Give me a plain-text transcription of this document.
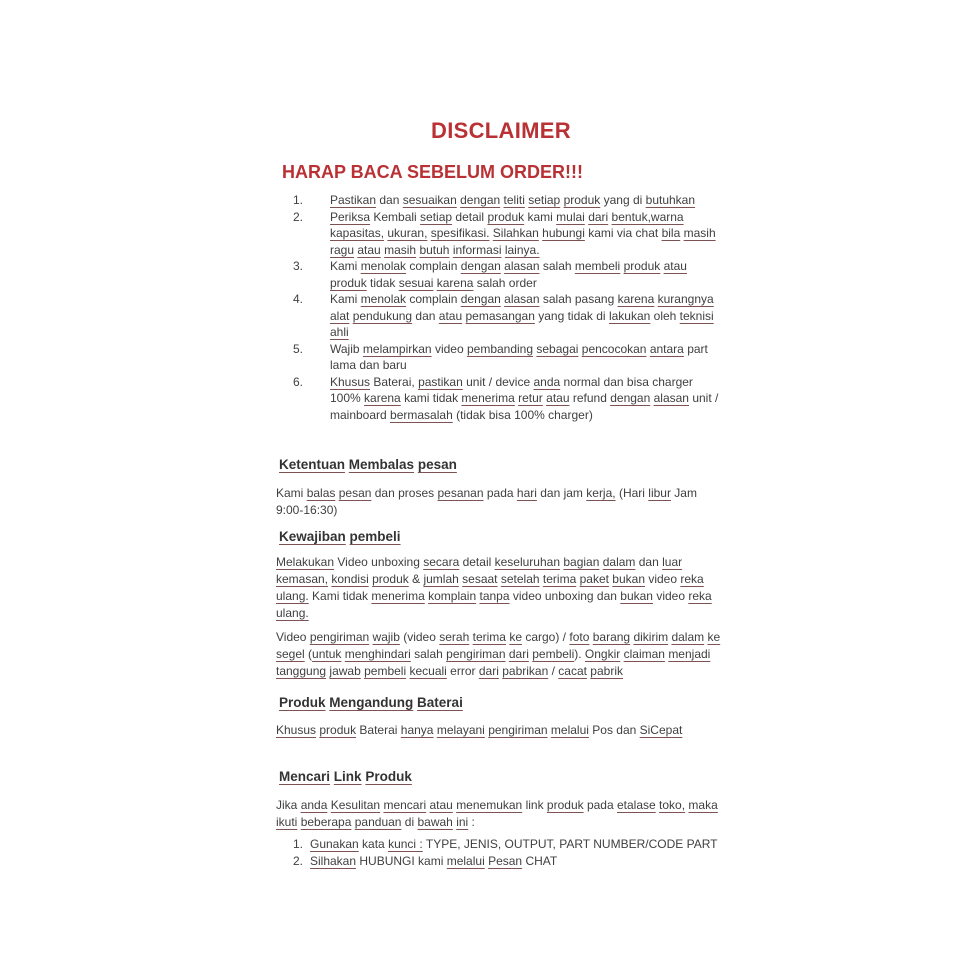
DISCLAIMER
HARAP BACA SEBELUM ORDER!!!
1. Pastikan dan sesuaikan dengan teliti setiap produk yang di butuhkan
2. Periksa Kembali setiap detail produk kami mulai dari bentuk,warna kapasitas, ukuran, spesifikasi. Silahkan hubungi kami via chat bila masih ragu atau masih butuh informasi lainya.
3. Kami menolak complain dengan alasan salah membeli produk atau produk tidak sesuai karena salah order
4. Kami menolak complain dengan alasan salah pasang karena kurangnya alat pendukung dan atau pemasangan yang tidak di lakukan oleh teknisi ahli
5. Wajib melampirkan video pembanding sebagai pencocokan antara part lama dan baru
6. Khusus Baterai, pastikan unit / device anda normal dan bisa charger 100% karena kami tidak menerima retur atau refund dengan alasan unit / mainboard bermasalah (tidak bisa 100% charger)
Ketentuan Membalas pesan

Kami balas pesan dan proses pesanan pada hari dan jam kerja, (Hari libur Jam 9:00-16:30)

Kewajiban pembeli

Melakukan Video unboxing secara detail keseluruhan bagian dalam dan luar kemasan, kondisi produk & jumlah sesaat setelah terima paket bukan video reka ulang. Kami tidak menerima komplain tanpa video unboxing dan bukan video reka ulang.

Video pengiriman wajib (video serah terima ke cargo) / foto barang dikirim dalam ke segel (untuk menghindari salah pengiriman dari pembeli). Ongkir claiman menjadi tanggung jawab pembeli kecuali error dari pabrikan / cacat pabrik

Produk Mengandung Baterai

Khusus produk Baterai hanya melayani pengiriman melalui Pos dan SiCepat

Mencari Link Produk

Jika anda Kesulitan mencari atau menemukan link produk pada etalase toko, maka ikuti beberapa panduan di bawah ini :

1. Gunakan kata kunci : TYPE, JENIS, OUTPUT, PART NUMBER/CODE PART
2. Silhakan HUBUNGI kami melalui Pesan CHAT
